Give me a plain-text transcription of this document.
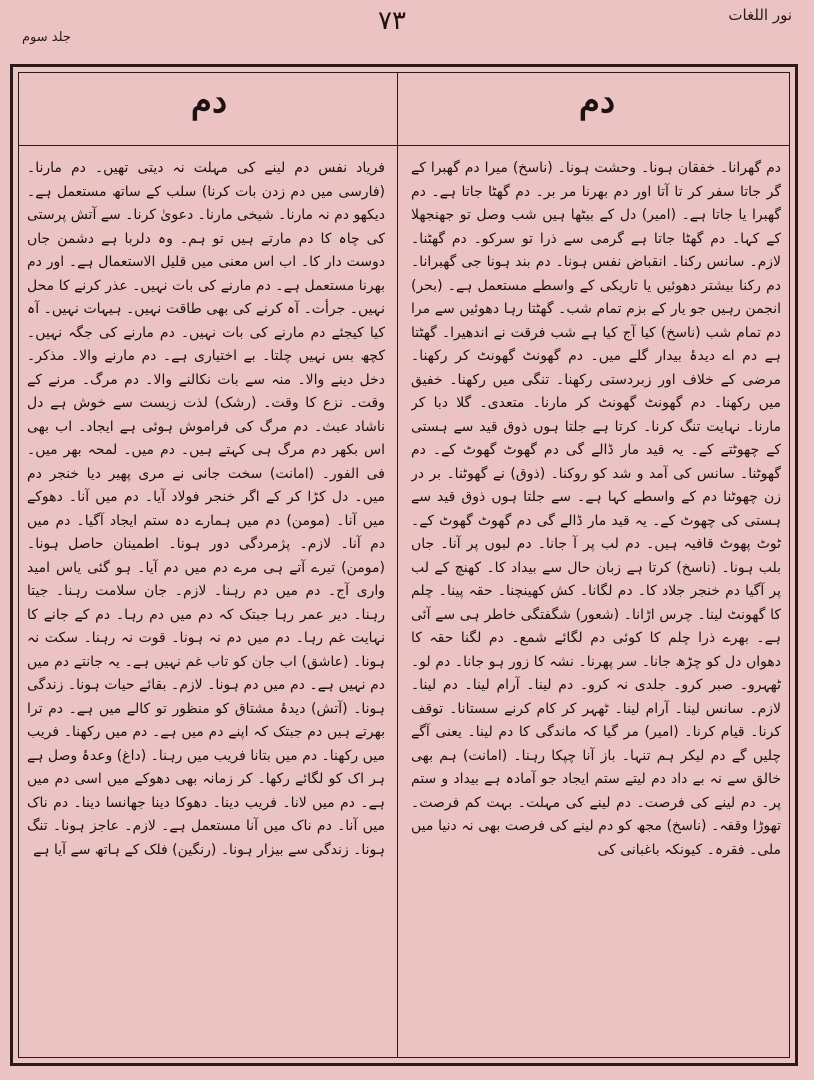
نور اللغات
۷۳
جلد سوم
دم	دم

فریاد نفس دم لینے کی مہلت نہ دیتی تھیں۔ دم مارنا۔ (فارسی میں دم زدن بات کرنا) سلب کے ساتھ مستعمل ہے۔ دیکھو دم نہ مارنا۔ شیخی مارنا۔ دعویٰ کرنا۔ سے آتش پرستی کی چاہ کا دم مارتے ہیں تو ہم۔ وہ دلربا ہے دشمن جاں دوست دار کا۔ اب اس معنی میں قلیل الاستعمال ہے۔ اور دم بھرنا مستعمل ہے۔ دم مارنے کی بات نہیں۔ عذر کرنے کا محل نہیں۔ جرأت۔ آہ کرنے کی بھی طاقت نہیں۔ ہیہات نہیں۔ آہ کیا کیجئے دم مارنے کی بات نہیں۔ دم مارنے کی جگہ نہیں۔ کچھ بس نہیں چلتا۔ بے اختیاری ہے۔ دم مارنے والا۔ مذکر۔ دخل دینے والا۔ منہ سے بات نکالنے والا۔ دم مرگ۔ مرنے کے وقت۔ نزع کا وقت۔ (رشک) لذت زیست سے خوش ہے دل ناشاد عبث۔ دم مرگ کی فراموش ہوئی ہے ایجاد۔ اب بھی اس بکھر دم مرگ ہی کہتے ہیں۔ دم میں۔ لمحہ بھر میں۔ فی الفور۔ (امانت) سخت جانی نے مری پھیر دیا خنجر دم میں۔ دل کڑا کر کے اگر خنجر فولاد آیا۔ دم میں آنا۔ دھوکے میں آنا۔ (مومن) دم میں ہمارے دہ ستم ایجاد آگیا۔ دم میں دم آنا۔ لازم۔ پژمردگی دور ہونا۔ اطمینان حاصل ہونا۔ (مومن) تیرے آتے ہی مرے دم میں دم آیا۔ ہو گئی یاس امید واری آج۔ دم میں دم رہنا۔ لازم۔ جان سلامت رہنا۔ جیتا رہنا۔ دیر عمر رہا جبتک کہ دم میں دم رہا۔ دم کے جانے کا نہایت غم رہا۔ دم میں دم نہ ہونا۔ قوت نہ رہنا۔ سکت نہ ہونا۔ (عاشق) اب جان کو تاب غم نہیں ہے۔ یہ جانتے دم میں دم نہیں ہے۔ دم میں دم ہونا۔ لازم۔ بقائے حیات ہونا۔ زندگی ہونا۔ (آتش) دیدۂ مشتاق کو منظور تو کالے میں ہے۔ دم ترا بھرتے ہیں دم جبتک کہ اپنے دم میں ہے۔ دم میں رکھنا۔ فریب میں رکھنا۔ دم میں بتانا فریب میں رہنا۔ (داغ) وعدۂ وصل ہے ہر اک کو لگائے رکھا۔ کر زمانہ بھی دھوکے میں اسی دم میں ہے۔ دم میں لانا۔ فریب دینا۔ دھوکا دینا جھانسا دینا۔ دم ناک میں آنا۔ دم ناک میں آنا مستعمل ہے۔ لازم۔ عاجز ہونا۔ تنگ ہونا۔ زندگی سے بیزار ہونا۔ (رنگین) فلک کے ہاتھ سے آیا ہے

دم گھرانا۔ خفقان ہونا۔ وحشت ہونا۔ (ناسخ) میرا دم گھبرا کے گر جاتا سفر کر تا آتا اور دم بھرنا مر بر۔ دم گھٹا جاتا ہے۔ دم گھبرا یا جاتا ہے۔ (امیر) دل کے بیٹھا ہیں شب وصل تو جھنجھلا کے کہا۔ دم گھٹا جاتا ہے گرمی سے ذرا تو سرکو۔ دم گھٹنا۔ لازم۔ سانس رکنا۔ انقباض نفس ہونا۔ دم بند ہونا جی گھبرانا۔ دم رکنا بیشتر دھوئیں یا تاریکی کے واسطے مستعمل ہے۔ (بحر) انجمن رہیں جو یار کے بزم تمام شب۔ گھٹتا رہا دھوئیں سے مرا دم تمام شب (ناسخ) کیا آج کیا ہے شب فرقت نے اندھیرا۔ گھٹتا ہے دم اے دیدۂ بیدار گلے میں۔ دم گھونٹ گھونٹ کر رکھنا۔ مرضی کے خلاف اور زبردستی رکھنا۔ تنگی میں رکھنا۔ خفیق میں رکھنا۔ دم گھونٹ گھونٹ کر مارنا۔ متعدی۔ گلا دبا کر مارنا۔ نہایت تنگ کرنا۔ کرتا ہے جلتا ہوں ذوق قید سے ہستی کے چھوٹتے کے۔ یہ قید مار ڈالے گی دم گھوٹ گھوٹ کے۔ دم گھوٹنا۔ سانس کی آمد و شد کو روکنا۔ (ذوق) نے گھوٹنا۔ بر در زن چھوٹنا دم کے واسطے کہا ہے۔ سے جلتا ہوں ذوق قید سے ہستی کی چھوٹ کے۔ یہ قید مار ڈالے گی دم گھوٹ گھوٹ کے۔ ٹوٹ پھوٹ قافیہ ہیں۔ دم لب پر آ جانا۔ دم لبوں پر آنا۔ جاں بلب ہونا۔ (ناسخ) کرتا ہے زبان حال سے بیداد کا۔ کھنچ کے لب پر آگیا دم خنجر جلاد کا۔ دم لگانا۔ کش کھینچنا۔ حقہ پینا۔ چلم کا گھونٹ لینا۔ چرس اڑانا۔ (شعور) شگفتگی خاطر ہی سے آئی ہے۔ بھرے ذرا چلم کا کوئی دم لگائے شمع۔ دم لگنا حقہ کا دھواں دل کو چڑھ جانا۔ سر پھرنا۔ نشہ کا زور ہو جانا۔ دم لو۔ ٹھہرو۔ صبر کرو۔ جلدی نہ کرو۔ دم لینا۔ آرام لینا۔ دم لینا۔ لازم۔ سانس لینا۔ آرام لینا۔ ٹھہر کر کام کرنے سستانا۔ توقف کرنا۔ قیام کرنا۔ (امیر) مر گیا کہ ماندگی کا دم لینا۔ یعنی آگے چلیں گے دم لیکر ہم تنہا۔ باز آنا چپکا رہنا۔ (امانت) ہم بھی خالق سے نہ بے داد دم لیتے ستم ایجاد جو آمادہ ہے بیداد و ستم پر۔ دم لینے کی فرصت۔ دم لینے کی مہلت۔ بہت کم فرصت۔ تھوڑا وقفہ۔ (ناسخ) مجھ کو دم لینے کی فرصت بھی نہ دنیا میں ملی۔ فقرہ۔ کیونکہ باغبانی کی
